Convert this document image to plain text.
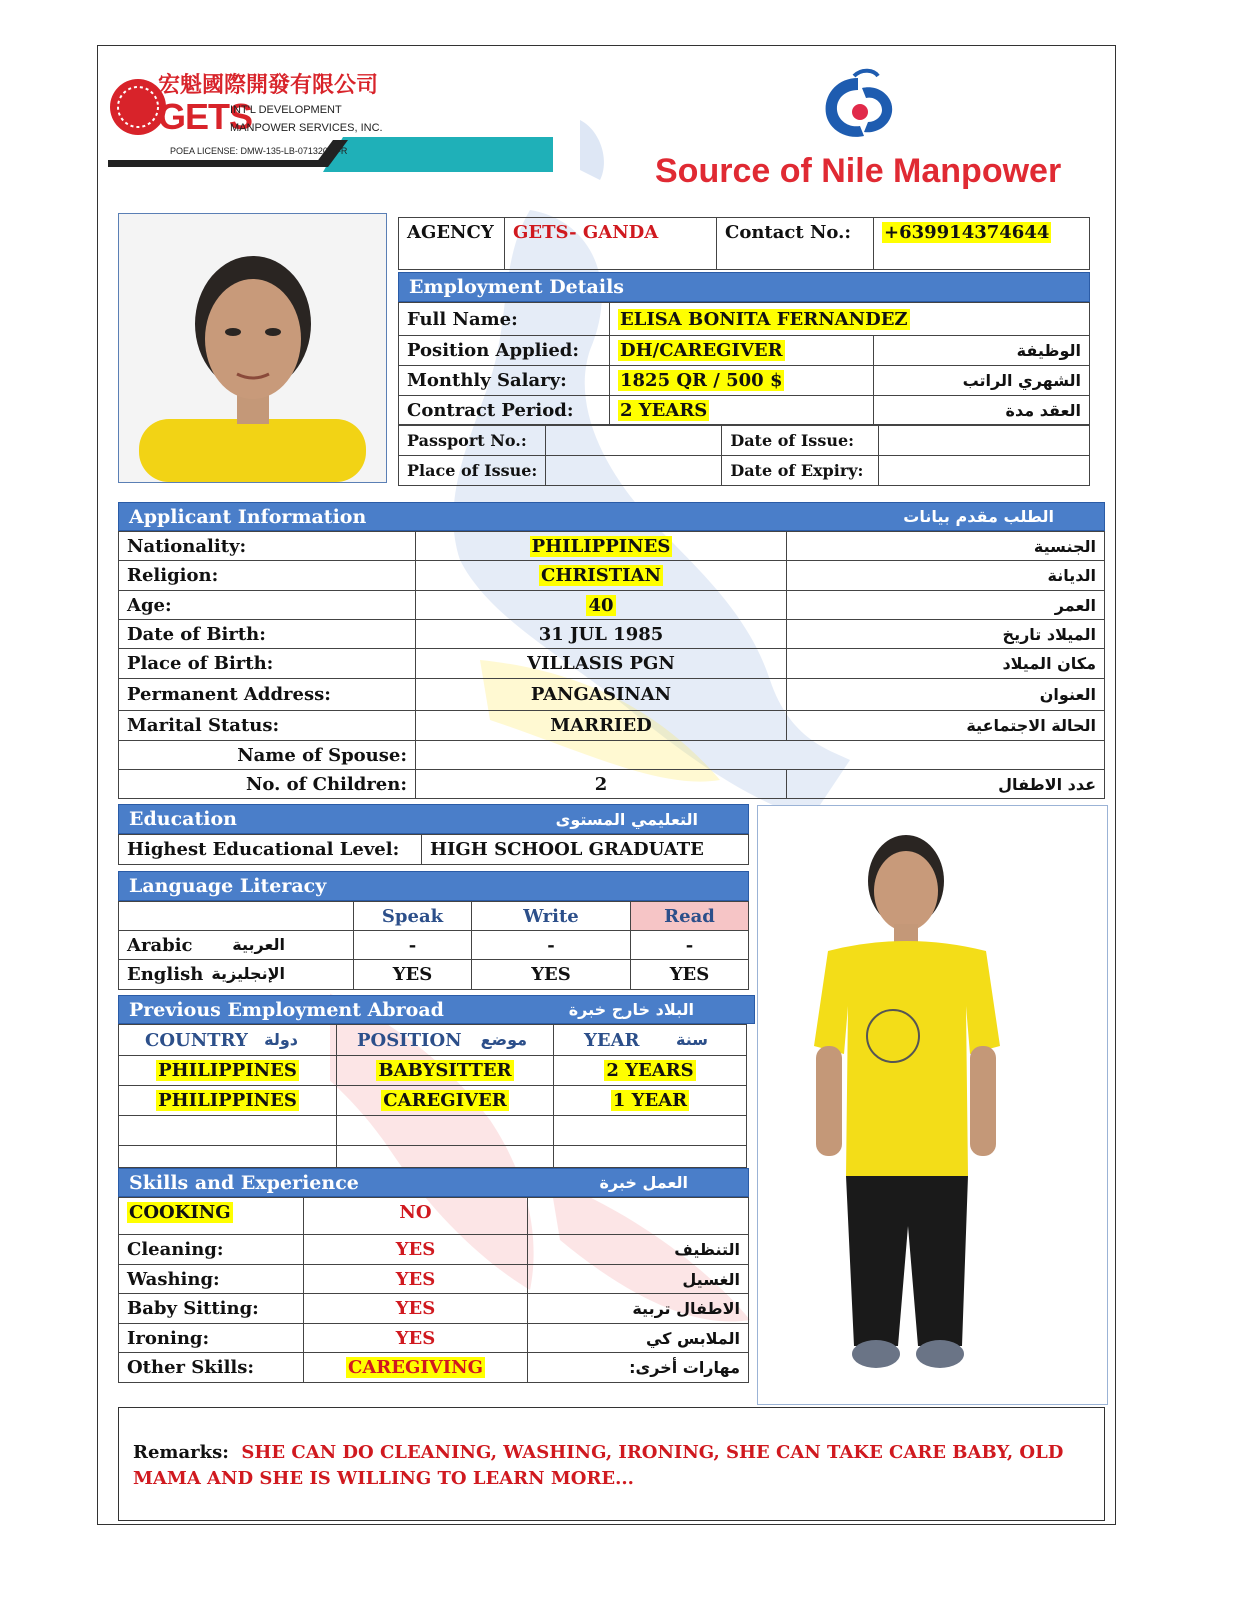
宏魁國際開發有限公司
GETS
INT'L DEVELOPMENT
MANPOWER SERVICES, INC.
POEA LICENSE: DMW-135-LB-07132023-R
Source of Nile Manpower
AGENCY	GETS- GANDA	Contact No.:	+639914374644
Employment Details
Full Name:	ELISA BONITA FERNANDEZ	
Position Applied:	DH/CAREGIVER	الوظيفة
Monthly Salary:	1825 QR / 500 $	الشهري الراتب
Contract Period:	2 YEARS	العقد مدة
Passport No.:		Date of Issue:	
Place of Issue:		Date of Expiry:	
Applicant Information	الطلب مقدم بيانات
Nationality:	PHILIPPINES	الجنسية
Religion:	CHRISTIAN	الديانة
Age:	40	العمر
Date of Birth:	31 JUL 1985	الميلاد تاريخ
Place of Birth:	VILLASIS PGN	مكان الميلاد
Permanent Address:	PANGASINAN	العنوان
Marital Status:	MARRIED	الحالة الاجتماعية
Name of Spouse:		
No. of Children:	2	عدد الاطفال
Education	التعليمي المستوى
Highest Educational Level:	HIGH SCHOOL GRADUATE
Language Literacy
	Speak	Write	Read
Arabic العربية	-	-	-
English الإنجليزية	YES	YES	YES
Previous Employment Abroad	البلاد خارج خبرة
COUNTRY دولة	POSITION موضع	YEAR سنة

PHILIPPINES	BABYSITTER	2 YEARS
PHILIPPINES	CAREGIVER	1 YEAR

Skills and Experience	العمل خبرة
COOKING	NO	
Cleaning:	YES	التنظيف
Washing:	YES	الغسيل
Baby Sitting:	YES	الاطفال تربية
Ironing:	YES	الملابس كي
Other Skills:	CAREGIVING	مهارات أخرى:
Remarks: SHE CAN DO CLEANING, WASHING, IRONING, SHE CAN TAKE CARE BABY, OLD MAMA AND SHE IS WILLING TO LEARN MORE...
